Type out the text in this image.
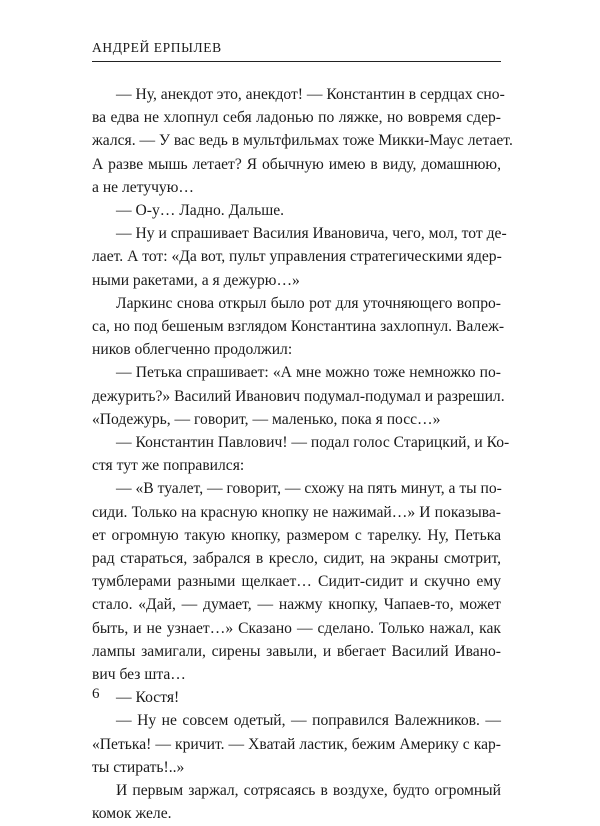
АНДРЕЙ ЕРПЫЛЕВ
— Ну, анекдот это, анекдот! — Константин в сердцах сно-
ва едва не хлопнул себя ладонью по ляжке, но вовремя сдер-
жался. — У вас ведь в мультфильмах тоже Микки-Маус летает.
А разве мышь летает? Я обычную имею в виду, домашнюю,
а не летучую…
— О-у… Ладно. Дальше.
— Ну и спрашивает Василия Ивановича, чего, мол, тот де-
лает. А тот: «Да вот, пульт управления стратегическими ядер-
ными ракетами, а я дежурю…»
Ларкинс снова открыл было рот для уточняющего вопро-
са, но под бешеным взглядом Константина захлопнул. Валеж-
ников облегченно продолжил:
— Петька спрашивает: «А мне можно тоже немножко по-
дежурить?» Василий Иванович подумал-подумал и разрешил.
«Подежурь, — говорит, — маленько, пока я посс…»
— Константин Павлович! — подал голос Старицкий, и Ко-
стя тут же поправился:
— «В туалет, — говорит, — схожу на пять минут, а ты по-
сиди. Только на красную кнопку не нажимай…» И показыва-
ет огромную такую кнопку, размером с тарелку. Ну, Петька
рад стараться, забрался в кресло, сидит, на экраны смотрит,
тумблерами разными щелкает… Сидит-сидит и скучно ему
стало. «Дай, — думает, — нажму кнопку, Чапаев-то, может
быть, и не узнает…» Сказано — сделано. Только нажал, как
лампы замигали, сирены завыли, и вбегает Василий Ивано-
вич без шта…
— Костя!
— Ну не совсем одетый, — поправился Валежников. —
«Петька! — кричит. — Хватай ластик, бежим Америку с кар-
ты стирать!..»
И первым заржал, сотрясаясь в воздухе, будто огромный
комок желе.
6
